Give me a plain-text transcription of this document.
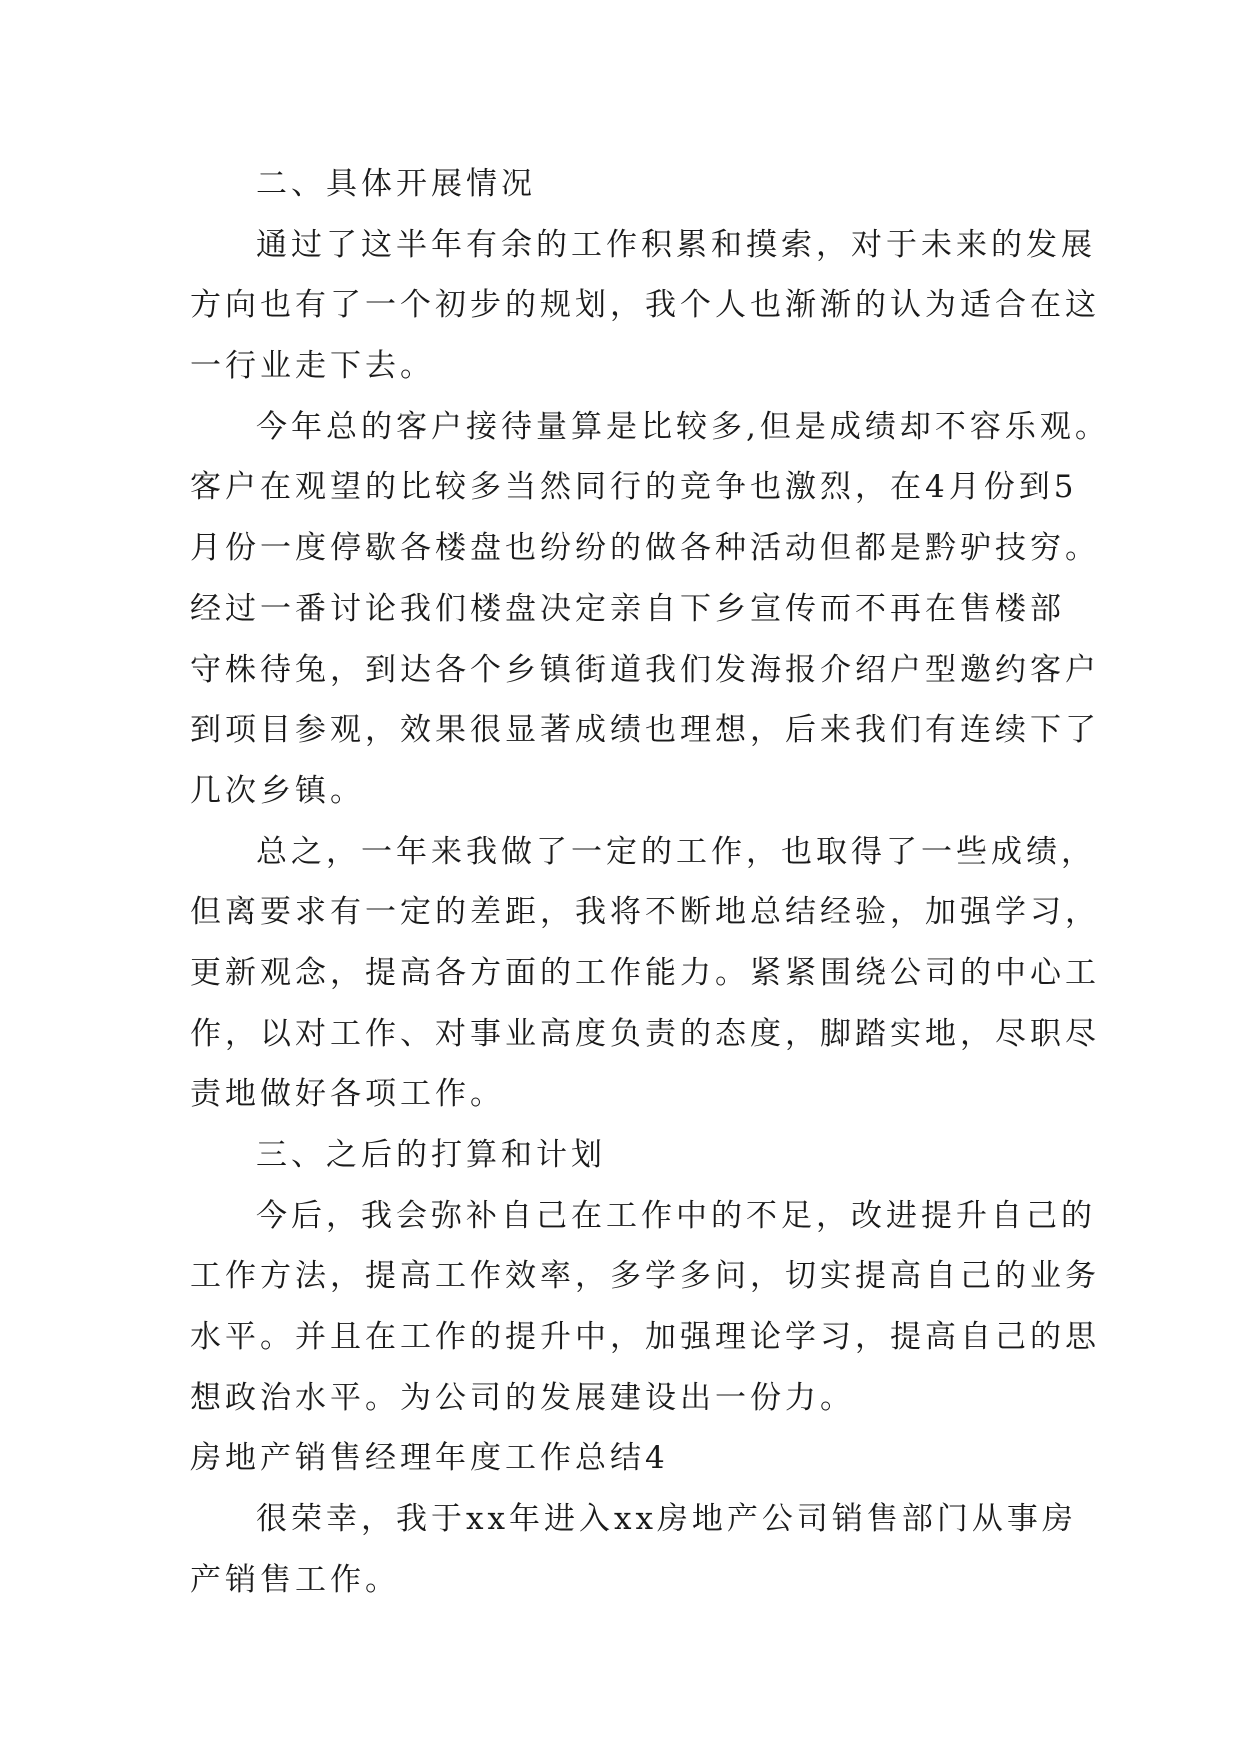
二、具体开展情况
通过了这半年有余的工作积累和摸索，对于未来的发展
方向也有了一个初步的规划，我个人也渐渐的认为适合在这
一行业走下去。
今年总的客户接待量算是比较多,但是成绩却不容乐观。
客户在观望的比较多当然同行的竞争也激烈，在4月份到5
月份一度停歇各楼盘也纷纷的做各种活动但都是黔驴技穷。
经过一番讨论我们楼盘决定亲自下乡宣传而不再在售楼部
守株待兔，到达各个乡镇街道我们发海报介绍户型邀约客户
到项目参观，效果很显著成绩也理想，后来我们有连续下了
几次乡镇。
总之，一年来我做了一定的工作，也取得了一些成绩，
但离要求有一定的差距，我将不断地总结经验，加强学习，
更新观念，提高各方面的工作能力。紧紧围绕公司的中心工
作，以对工作、对事业高度负责的态度，脚踏实地，尽职尽
责地做好各项工作。
三、之后的打算和计划
今后，我会弥补自己在工作中的不足，改进提升自己的
工作方法，提高工作效率，多学多问，切实提高自己的业务
水平。并且在工作的提升中，加强理论学习，提高自己的思
想政治水平。为公司的发展建设出一份力。
房地产销售经理年度工作总结4
很荣幸，我于xx年进入xx房地产公司销售部门从事房
产销售工作。
